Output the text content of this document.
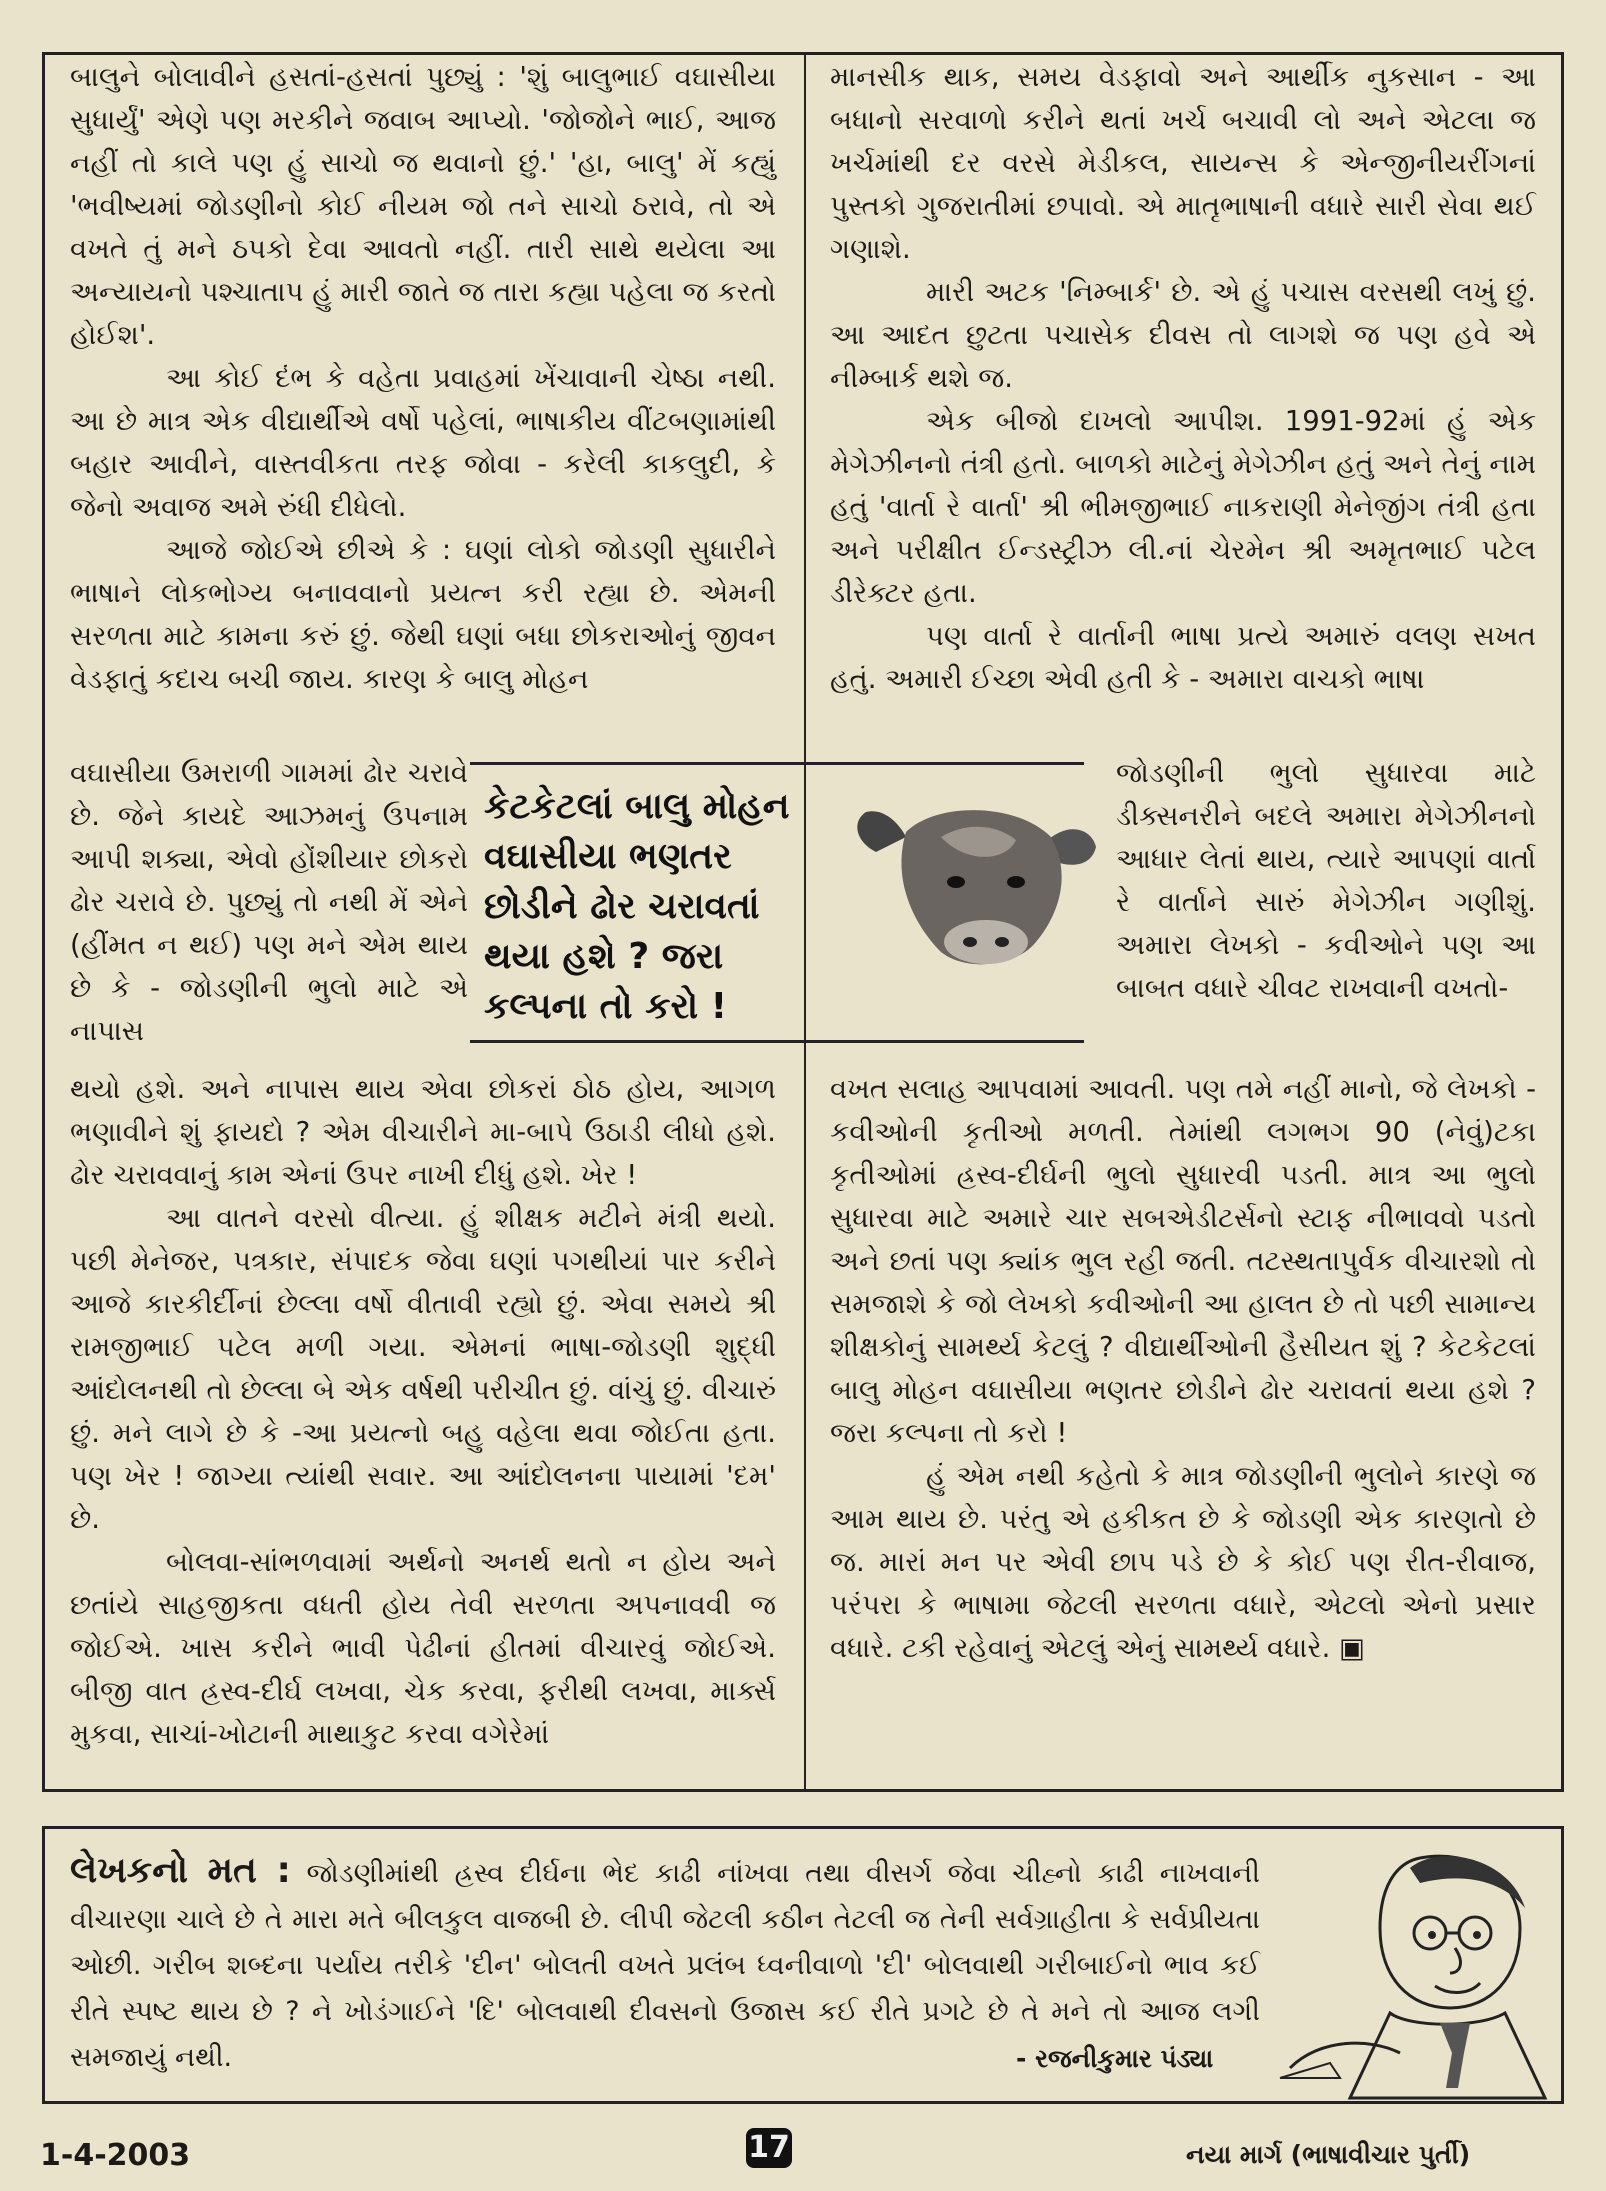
બાલુને બોલાવીને હસતાં-હસતાં પુછ્યું : 'શું બાલુભાઈ વઘાસીયા સુધાર્યું' એણે પણ મરકીને જવાબ આપ્યો. 'જોજોને ભાઈ, આજ નહીં તો કાલે પણ હું સાચો જ થવાનો છું.' 'હા, બાલુ' મેં કહ્યું 'ભવીષ્યમાં જોડણીનો કોઈ નીયમ જો તને સાચો ઠરાવે, તો એ વખતે તું મને ઠપકો દેવા આવતો નહીં. તારી સાથે થયેલા આ અન્યાયનો પશ્ચાતાપ હું મારી જાતે જ તારા કહ્યા પહેલા જ કરતો હોઈશ'.

આ કોઈ દંભ કે વહેતા પ્રવાહમાં ખેંચાવાની ચેષ્ઠા નથી. આ છે માત્ર એક વીદ્યાર્થીએ વર્ષો પહેલાં, ભાષાકીય વીંટબણામાંથી બહાર આવીને, વાસ્તવીકતા તરફ જોવા - કરેલી કાકલુદી, કે જેનો અવાજ અમે રુંધી દીધેલો.

આજે જોઈએ છીએ કે : ઘણાં લોકો જોડણી સુધારીને ભાષાને લોકભોગ્ય બનાવવાનો પ્રયત્ન કરી રહ્યા છે. એમની સરળતા માટે કામના કરું છું. જેથી ઘણાં બધા છોકરાઓનું જીવન વેડફાતું કદાચ બચી જાય. કારણ કે બાલુ મોહન

વઘાસીયા ઉમરાળી ગામમાં ઢોર ચરાવે છે. જેને કાયદે આઝમનું ઉપનામ આપી શક્યા, એવો હોંશીયાર છોકરો ઢોર ચરાવે છે. પુછ્યું તો નથી મેં એને (હીંમત ન થઈ) પણ મને એમ થાય છે કે - જોડણીની ભુલો માટે એ નાપાસ

થયો હશે. અને નાપાસ થાય એવા છોકરાં ઠોઠ હોય, આગળ ભણાવીને શું ફાયદો ? એમ વીચારીને મા-બાપે ઉઠાડી લીધો હશે. ઢોર ચરાવવાનું કામ એનાં ઉપર નાખી દીધું હશે. ખેર !

આ વાતને વરસો વીત્યા. હું શીક્ષક મટીને મંત્રી થયો. પછી મેનેજર, પત્રકાર, સંપાદક જેવા ઘણાં પગથીયાં પાર કરીને આજે કારકીર્દીનાં છેલ્લા વર્ષો વીતાવી રહ્યો છું. એવા સમયે શ્રી રામજીભાઈ પટેલ મળી ગયા. એમનાં ભાષા-જોડણી શુદ્ધી આંદોલનથી તો છેલ્લા બે એક વર્ષથી પરીચીત છું. વાંચું છું. વીચારું છું. મને લાગે છે કે -આ પ્રયત્નો બહુ વહેલા થવા જોઈતા હતા. પણ ખેર ! જાગ્યા ત્યાંથી સવાર. આ આંદોલનના પાયામાં 'દમ' છે.

બોલવા-સાંભળવામાં અર્થનો અનર્થ થતો ન હોય અને છતાંયે સાહજીકતા વધતી હોય તેવી સરળતા અપનાવવી જ જોઈએ. ખાસ કરીને ભાવી પેઢીનાં હીતમાં વીચારવું જોઈએ. બીજી વાત હ્રસ્વ-દીર્ઘ લખવા, ચેક કરવા, ફરીથી લખવા, માર્ક્સ મુકવા, સાચાં-ખોટાની માથાકુટ કરવા વગેરેમાં

માનસીક થાક, સમય વેડફાવો અને આર્થીક નુકસાન - આ બધાનો સરવાળો કરીને થતાં ખર્ચ બચાવી લો અને એટલા જ ખર્ચમાંથી દર વરસે મેડીકલ, સાયન્સ કે એન્જીનીયરીંગનાં પુસ્તકો ગુજરાતીમાં છપાવો. એ માતૃભાષાની વધારે સારી સેવા થઈ ગણાશે.

મારી અટક 'નિમ્બાર્ક' છે. એ હું પચાસ વરસથી લખું છું. આ આદત છુટતા પચાસેક દીવસ તો લાગશે જ પણ હવે એ નીમ્બાર્ક થશે જ.

એક બીજો દાખલો આપીશ. 1991-92માં હું એક મેગેઝીનનો તંત્રી હતો. બાળકો માટેનું મેગેઝીન હતું અને તેનું નામ હતું 'વાર્તા રે વાર્તા' શ્રી ભીમજીભાઈ નાકરાણી મેનેજીંગ તંત્રી હતા અને પરીક્ષીત ઈન્ડસ્ટ્રીઝ લી.નાં ચેરમેન શ્રી અમૃતભાઈ પટેલ ડીરેક્ટર હતા.

પણ વાર્તા રે વાર્તાની ભાષા પ્રત્યે અમારું વલણ સખત હતું. અમારી ઈચ્છા એવી હતી કે - અમારા વાચકો ભાષા

જોડણીની ભુલો સુધારવા માટે ડીક્સનરીને બદલે અમારા મેગેઝીનનો આધાર લેતાં થાય, ત્યારે આપણાં વાર્તા રે વાર્તાને સારું મેગેઝીન ગણીશું. અમારા લેખકો - કવીઓને પણ આ બાબત વધારે ચીવટ રાખવાની વખતો-

વખત સલાહ આપવામાં આવતી. પણ તમે નહીં માનો, જે લેખકો - કવીઓની કૃતીઓ મળતી. તેમાંથી લગભગ 90 (નેવું)ટકા કૃતીઓમાં હ્રસ્વ-દીર્ઘની ભુલો સુધારવી પડતી. માત્ર આ ભુલો સુધારવા માટે અમારે ચાર સબએડીટર્સનો સ્ટાફ નીભાવવો પડતો અને છતાં પણ ક્યાંક ભુલ રહી જતી. તટસ્થતાપુર્વક વીચારશો તો સમજાશે કે જો લેખકો કવીઓની આ હાલત છે તો પછી સામાન્ય શીક્ષકોનું સામર્થ્ય કેટલું ? વીદ્યાર્થીઓની હૈસીયત શું ? કેટકેટલાં બાલુ મોહન વઘાસીયા ભણતર છોડીને ઢોર ચરાવતાં થયા હશે ? જરા કલ્પના તો કરો !

હું એમ નથી કહેતો કે માત્ર જોડણીની ભુલોને કારણે જ આમ થાય છે. પરંતુ એ હકીકત છે કે જોડણી એક કારણતો છે જ. મારાં મન પર એવી છાપ પડે છે કે કોઈ પણ રીત-રીવાજ, પરંપરા કે ભાષામા જેટલી સરળતા વધારે, એટલો એનો પ્રસાર વધારે. ટકી રહેવાનું એટલું એનું સામર્થ્ય વધારે. ▣

કેટકેટલાં બાલુ મોહન
વઘાસીયા ભણતર
છોડીને ઢોર ચરાવતાં
થયા હશે ? જરા
કલ્પના તો કરો !
લેખકનો મત : જોડણીમાંથી હ્રસ્વ દીર્ઘના ભેદ કાઢી નાંખવા તથા વીસર્ગ જેવા ચીહ્નો કાઢી નાખવાની વીચારણા ચાલે છે તે મારા મતે બીલકુલ વાજબી છે. લીપી જેટલી કઠીન તેટલી જ તેની સર્વગ્રાહીતા કે સર્વપ્રીયતા ઓછી. ગરીબ શબ્દના પર્યાય તરીકે 'દીન' બોલતી વખતે પ્રલંબ ધ્વનીવાળો 'દી' બોલવાથી ગરીબાઈનો ભાવ કઈ રીતે સ્પષ્ટ થાય છે ? ને ખોડંગાઈને 'દિ' બોલવાથી દીવસનો ઉજાસ કઈ રીતે પ્રગટે છે તે મને તો આજ લગી સમજાયું નથી.	- રજનીકુમાર પંડ્યા
1-4-2003	17	નયા માર્ગ (ભાષાવીચાર પુર્તી)
